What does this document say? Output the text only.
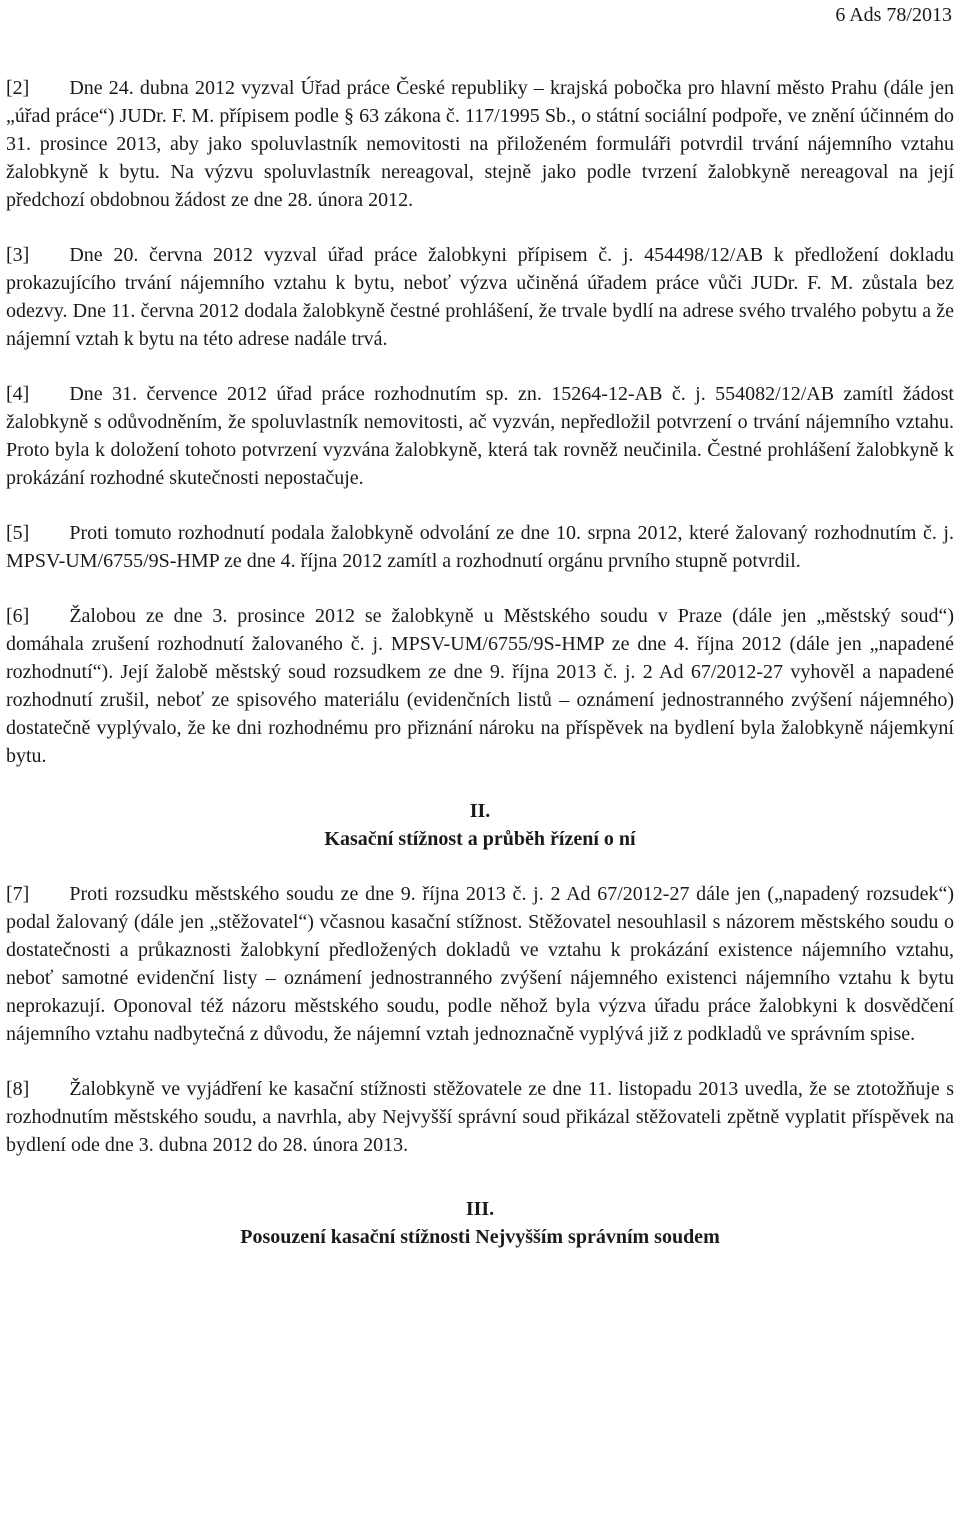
6 Ads 78/2013

[2] Dne 24. dubna 2012 vyzval Úřad práce České republiky – krajská pobočka pro hlavní město Prahu (dále jen „úřad práce“) JUDr. F. M. přípisem podle § 63 zákona č. 117/1995 Sb., o státní sociální podpoře, ve znění účinném do 31. prosince 2013, aby jako spoluvlastník nemovitosti na přiloženém formuláři potvrdil trvání nájemního vztahu žalobkyně k bytu. Na výzvu spoluvlastník nereagoval, stejně jako podle tvrzení žalobkyně nereagoval na její předchozí obdobnou žádost ze dne 28. února 2012.

[3] Dne 20. června 2012 vyzval úřad práce žalobkyni přípisem č. j. 454498/12/AB k předložení dokladu prokazujícího trvání nájemního vztahu k bytu, neboť výzva učiněná úřadem práce vůči JUDr. F. M. zůstala bez odezvy. Dne 11. června 2012 dodala žalobkyně čestné prohlášení, že trvale bydlí na adrese svého trvalého pobytu a že nájemní vztah k bytu na této adrese nadále trvá.

[4] Dne 31. července 2012 úřad práce rozhodnutím sp. zn. 15264-12-AB č. j. 554082/12/AB zamítl žádost žalobkyně s odůvodněním, že spoluvlastník nemovitosti, ač vyzván, nepředložil potvrzení o trvání nájemního vztahu. Proto byla k doložení tohoto potvrzení vyzvána žalobkyně, která tak rovněž neučinila. Čestné prohlášení žalobkyně k prokázání rozhodné skutečnosti nepostačuje.

[5] Proti tomuto rozhodnutí podala žalobkyně odvolání ze dne 10. srpna 2012, které žalovaný rozhodnutím č. j. MPSV-UM/6755/9S-HMP ze dne 4. října 2012 zamítl a rozhodnutí orgánu prvního stupně potvrdil.

[6] Žalobou ze dne 3. prosince 2012 se žalobkyně u Městského soudu v Praze (dále jen „městský soud“) domáhala zrušení rozhodnutí žalovaného č. j. MPSV-UM/6755/9S-HMP ze dne 4. října 2012 (dále jen „napadené rozhodnutí“). Její žalobě městský soud rozsudkem ze dne 9. října 2013 č. j. 2 Ad 67/2012-27 vyhověl a napadené rozhodnutí zrušil, neboť ze spisového materiálu (evidenčních listů – oznámení jednostranného zvýšení nájemného) dostatečně vyplývalo, že ke dni rozhodnému pro přiznání nároku na příspěvek na bydlení byla žalobkyně nájemkyní bytu.

II.
Kasační stížnost a průběh řízení o ní

[7] Proti rozsudku městského soudu ze dne 9. října 2013 č. j. 2 Ad 67/2012-27 dále jen („napadený rozsudek“) podal žalovaný (dále jen „stěžovatel“) včasnou kasační stížnost. Stěžovatel nesouhlasil s názorem městského soudu o dostatečnosti a průkaznosti žalobkyní předložených dokladů ve vztahu k prokázání existence nájemního vztahu, neboť samotné evidenční listy – oznámení jednostranného zvýšení nájemného existenci nájemního vztahu k bytu neprokazují. Oponoval též názoru městského soudu, podle něhož byla výzva úřadu práce žalobkyni k dosvědčení nájemního vztahu nadbytečná z důvodu, že nájemní vztah jednoznačně vyplývá již z podkladů ve správním spise.

[8] Žalobkyně ve vyjádření ke kasační stížnosti stěžovatele ze dne 11. listopadu 2013 uvedla, že se ztotožňuje s rozhodnutím městského soudu, a navrhla, aby Nejvyšší správní soud přikázal stěžovateli zpětně vyplatit příspěvek na bydlení ode dne 3. dubna 2012 do 28. února 2013.

III.
Posouzení kasační stížnosti Nejvyšším správním soudem
